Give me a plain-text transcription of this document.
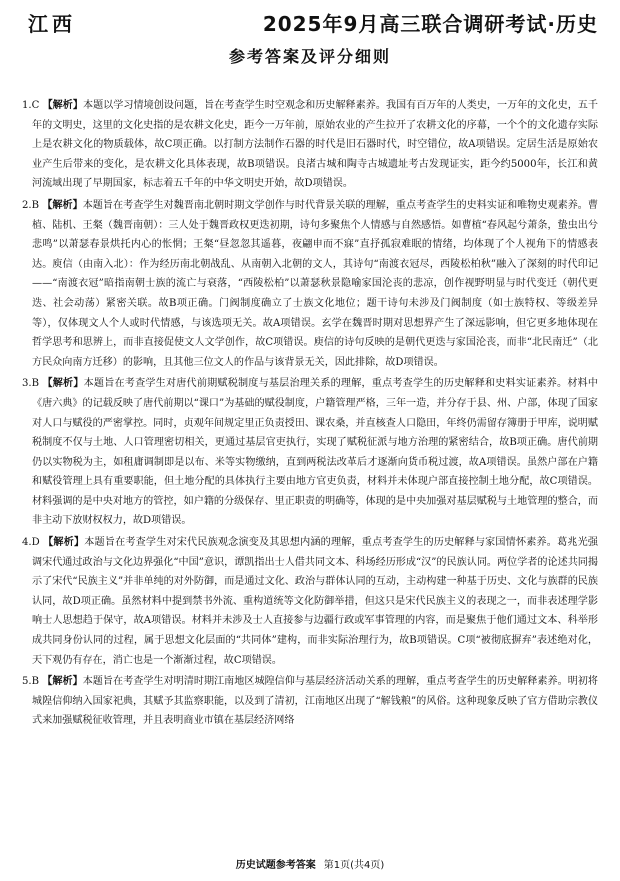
江西	2025年9月高三联合调研考试·历史
参考答案及评分细则

1.C 【解析】本题以学习情境创设问题，旨在考查学生时空观念和历史解释素养。我国有百万年的人类史，一万年的文化史，五千年的文明史，这里的文化史指的是农耕文化史，距今一万年前，原始农业的产生拉开了农耕文化的序幕，一个个的文化遗存实际上是农耕文化的物质载体，故C项正确。以打制方法制作石器的时代是旧石器时代，时空错位，故A项错误。定居生活是原始农业产生后带来的变化，是农耕文化具体表现，故B项错误。良渚古城和陶寺古城遗址考古发现证实，距今约5000年，长江和黄河流域出现了早期国家，标志着五千年的中华文明史开始，故D项错误。

2.B 【解析】本题旨在考查学生对魏晋南北朝时期文学创作与时代背景关联的理解，重点考查学生的史料实证和唯物史观素养。曹植、陆机、王粲（魏晋南朝）：三人处于魏晋政权更迭初期，诗句多聚焦个人情感与自然感悟。如曹植“春风起兮萧条，蛰虫出兮悲鸣”以萧瑟春景烘托内心的怅惘；王粲“昼忽忽其遥暮，夜翩申而不寐”直抒孤寂难眠的情绪，均体现了个人视角下的情感表达。庾信（由南入北）：作为经历南北朝战乱、从南朝入北朝的文人，其诗句“南渡衣冠尽，西陵松柏秋”融入了深刻的时代印记——“南渡衣冠”暗指南朝士族的流亡与衰落，“西陵松柏”以萧瑟秋景隐喻家国沦丧的悲凉，创作视野明显与时代变迁（朝代更迭、社会动荡）紧密关联。故B项正确。门阀制度确立了士族文化地位；题干诗句未涉及门阀制度（如士族特权、等级差异等），仅体现文人个人或时代情感，与该选项无关。故A项错误。玄学在魏晋时期对思想界产生了深远影响，但它更多地体现在哲学思考和思辨上，而非直接促使文人文学创作，故C项错误。庾信的诗句反映的是朝代更迭与家国沦丧，而非“北民南迁”（北方民众向南方迁移）的影响，且其他三位文人的作品与该背景无关，因此排除，故D项错误。

3.B 【解析】本题旨在考查学生对唐代前期赋税制度与基层治理关系的理解，重点考查学生的历史解释和史料实证素养。材料中《唐六典》的记载反映了唐代前期以“课口”为基础的赋役制度，户籍管理严格，三年一造，并分存于县、州、户部，体现了国家对人口与赋役的严密掌控。同时，贞观年间规定里正负责授田、课农桑，并直核查人口隐田，年终仍需留存簿册于甲库，说明赋税制度不仅与土地、人口管理密切相关，更通过基层官吏执行，实现了赋税征派与地方治理的紧密结合，故B项正确。唐代前期仍以实物税为主，如租庸调制即是以布、米等实物缴纳，直到两税法改革后才逐渐向货币税过渡，故A项错误。虽然户部在户籍和赋役管理上具有重要职能，但土地分配的具体执行主要由地方官吏负责，材料并未体现户部直接控制土地分配，故C项错误。材料强调的是中央对地方的管控，如户籍的分级保存、里正职责的明确等，体现的是中央加强对基层赋税与土地管理的整合，而非主动下放财权权力，故D项错误。

4.D 【解析】本题旨在考查学生对宋代民族观念演变及其思想内涵的理解，重点考查学生的历史解释与家国情怀素养。葛兆光强调宋代通过政治与文化边界强化“中国”意识，谭凯指出士人借共同文本、科场经历形成“汉”的民族认同。两位学者的论述共同揭示了宋代“民族主义”并非单纯的对外防御，而是通过文化、政治与群体认同的互动，主动构建一种基于历史、文化与族群的民族认同，故D项正确。虽然材料中提到禁书外流、重构道统等文化防御举措，但这只是宋代民族主义的表现之一，而非表述理学影响士人思想趋于保守，故A项错误。材料并未涉及士人直接参与边疆行政或军事管理的内容，而是聚焦于他们通过文本、科举形成共同身份认同的过程，属于思想文化层面的“共同体”建构，而非实际治理行为，故B项错误。C项“被彻底摒弃”表述绝对化，天下观仍有存在，消亡也是一个渐渐过程，故C项错误。

5.B 【解析】本题旨在考查学生对明清时期江南地区城隍信仰与基层经济活动关系的理解，重点考查学生的历史解释素养。明初将城隍信仰纳入国家祀典，其赋予其监察职能，以及到了清初，江南地区出现了“解钱粮”的风俗。这种现象反映了官方借助宗教仪式来加强赋税征收管理，并且表明商业市镇在基层经济网络

历史试题参考答案 第1页(共4页)
